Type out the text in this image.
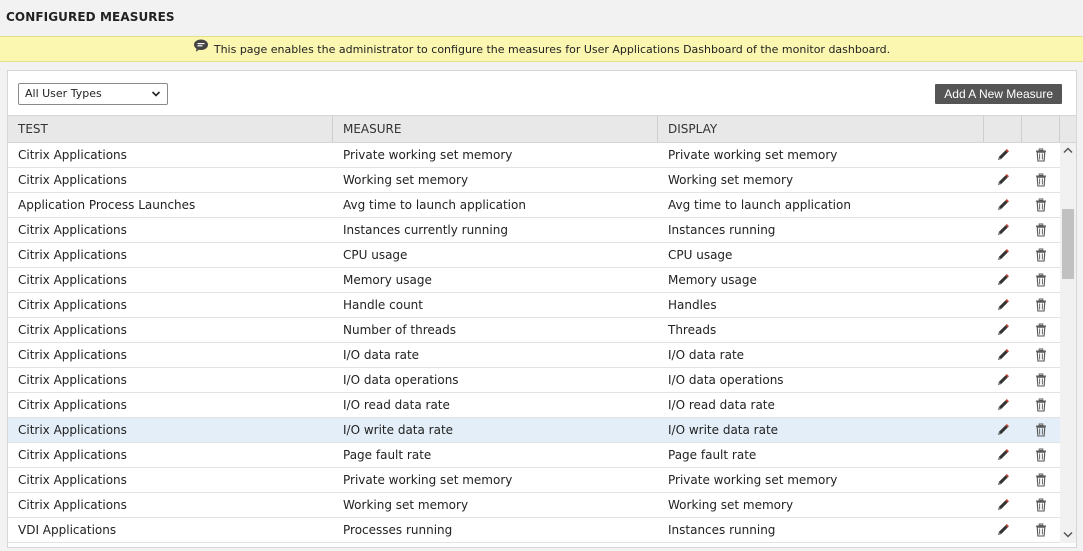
CONFIGURED MEASURES
This page enables the administrator to configure the measures for User Applications Dashboard of the monitor dashboard.
All User Types	Add A New Measure
TEST	MEASURE	DISPLAY
Citrix Applications	Private working set memory	Private working set memory
Citrix Applications	Working set memory	Working set memory
Application Process Launches	Avg time to launch application	Avg time to launch application
Citrix Applications	Instances currently running	Instances running
Citrix Applications	CPU usage	CPU usage
Citrix Applications	Memory usage	Memory usage
Citrix Applications	Handle count	Handles
Citrix Applications	Number of threads	Threads
Citrix Applications	I/O data rate	I/O data rate
Citrix Applications	I/O data operations	I/O data operations
Citrix Applications	I/O read data rate	I/O read data rate
Citrix Applications	I/O write data rate	I/O write data rate
Citrix Applications	Page fault rate	Page fault rate
Citrix Applications	Private working set memory	Private working set memory
Citrix Applications	Working set memory	Working set memory
VDI Applications	Processes running	Instances running
